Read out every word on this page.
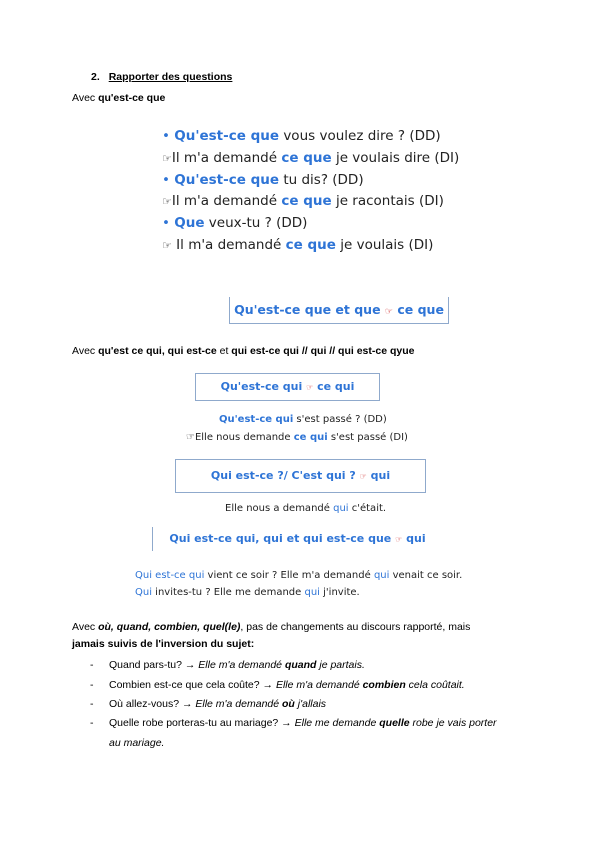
2. Rapporter des questions
Avec qu'est-ce que
• Qu'est-ce que vous voulez dire ? (DD)
☞Il m'a demandé ce que je voulais dire (DI)
• Qu'est-ce que tu dis? (DD)
☞Il m'a demandé ce que je racontais (DI)
• Que veux-tu ? (DD)
☞ Il m'a demandé ce que je voulais (DI)
Qu'est-ce que et que ☞ ce que
Avec qu'est ce qui, qui est-ce et qui est-ce qui // qui // qui est-ce qyue
Qu'est-ce qui ☞ ce qui
Qu'est-ce qui s'est passé ? (DD)
☞Elle nous demande ce qui s'est passé (DI)
Qui est-ce ?/ C'est qui ? ☞ qui
Elle nous a demandé qui c'était.
Qui est-ce qui, qui et qui est-ce que ☞ qui
Qui est-ce qui vient ce soir ? Elle m'a demandé qui venait ce soir.
Qui invites-tu ? Elle me demande qui j'invite.
Avec où, quand, combien, quel(le), pas de changements au discours rapporté, mais
jamais suivis de l'inversion du sujet:
- Quand pars-tu? → Elle m'a demandé quand je partais.
- Combien est-ce que cela coûte? → Elle m'a demandé combien cela coûtait.
- Où allez-vous? → Elle m'a demandé où j'allais
- Quelle robe porteras-tu au mariage? → Elle me demande quelle robe je vais porter
au mariage.
